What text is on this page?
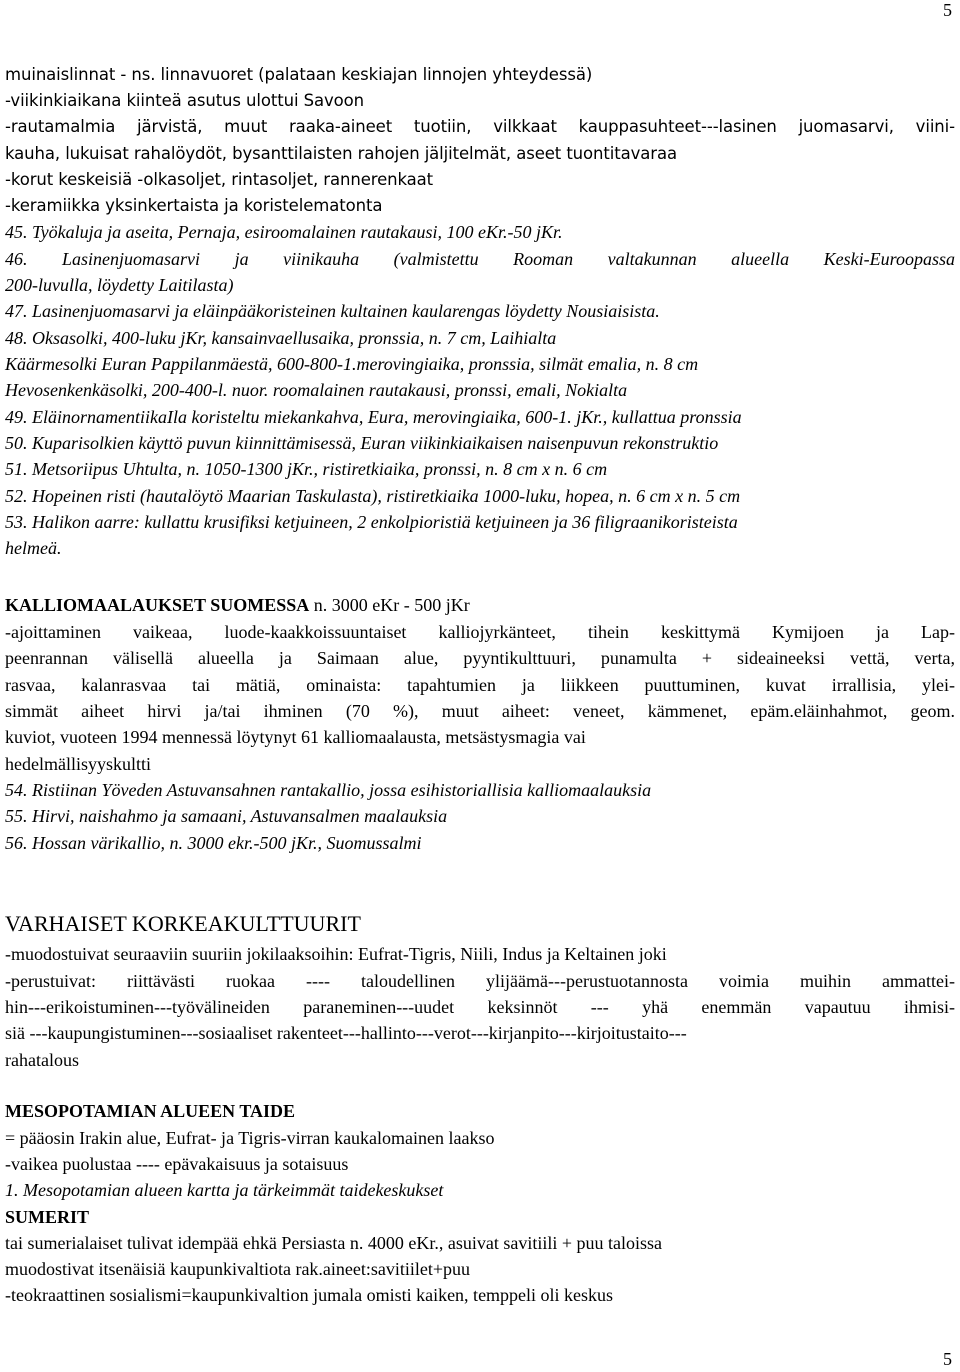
5
muinaislinnat - ns. linnavuoret (palataan keskiajan linnojen yhteydessä)
-viikinkiaikana kiinteä asutus ulottui Savoon
-rautamalmia järvistä, muut raaka-aineet tuotiin, vilkkaat kauppasuhteet---lasinen juomasarvi, viini-
kauha, lukuisat rahalöydöt, bysanttilaisten rahojen jäljitelmät, aseet tuontitavaraa
-korut keskeisiä -olkasoljet, rintasoljet, rannerenkaat
-keramiikka yksinkertaista ja koristelematonta
45. Työkaluja ja aseita, Pernaja, esiroomalainen rautakausi, 100 eKr.-50 jKr.
46. Lasinenjuomasarvi ja viinikauha (valmistettu Rooman valtakunnan alueella Keski-Euroopassa
200-luvulla, löydetty Laitilasta)
47. Lasinenjuomasarvi ja eläinpääkoristeinen kultainen kaularengas löydetty Nousiaisista.
48. Oksasolki, 400-luku jKr, kansainvaellusaika, pronssia, n. 7 cm, Laihialta
Käärmesolki Euran Pappilanmäestä, 600-800-1.merovingiaika, pronssia, silmät emalia, n. 8 cm
Hevosenkenkäsolki, 200-400-l. nuor. roomalainen rautakausi, pronssi, emali, Nokialta
49. EläinornamentiikaIla koristeltu miekankahva, Eura, merovingiaika, 600-1. jKr., kullattua pronssia
50. Kuparisolkien käyttö puvun kiinnittämisessä, Euran viikinkiaikaisen naisenpuvun rekonstruktio
51. Metsoriipus Uhtulta, n. 1050-1300 jKr., ristiretkiaika, pronssi, n. 8 cm x n. 6 cm
52. Hopeinen risti (hautalöytö Maarian Taskulasta), ristiretkiaika 1000-luku, hopea, n. 6 cm x n. 5 cm
53. Halikon aarre: kullattu krusifiksi ketjuineen, 2 enkolpioristiä ketjuineen ja 36 filigraanikoristeista
helmeä.
KALLIOMAALAUKSET SUOMESSA n. 3000 eKr - 500 jKr
-ajoittaminen vaikeaa, luode-kaakkoissuuntaiset kalliojyrkänteet, tihein keskittymä Kymijoen ja Lap-
peenrannan välisellä alueella ja Saimaan alue, pyyntikulttuuri, punamulta + sideaineeksi vettä, verta,
rasvaa, kalanrasvaa tai mätiä, ominaista: tapahtumien ja liikkeen puuttuminen, kuvat irrallisia, ylei-
simmät aiheet hirvi ja/tai ihminen (70 %), muut aiheet: veneet, kämmenet, epäm.eläinhahmot, geom.
kuviot, vuoteen 1994 mennessä löytynyt 61 kalliomaalausta, metsästysmagia vai
hedelmällisyyskultti
54. Ristiinan Yöveden Astuvansahnen rantakallio, jossa esihistoriallisia kalliomaalauksia
55. Hirvi, naishahmo ja samaani, Astuvansalmen maalauksia
56. Hossan värikallio, n. 3000 ekr.-500 jKr., Suomussalmi
VARHAISET KORKEAKULTTUURIT
-muodostuivat seuraaviin suuriin jokilaaksoihin: Eufrat-Tigris, Niili, Indus ja Keltainen joki
-perustuivat: riittävästi ruokaa ---- taloudellinen ylijäämä---perustuotannosta voimia muihin ammattei-
hin---erikoistuminen---työvälineiden paraneminen---uudet keksinnöt --- yhä enemmän vapautuu ihmisi-
siä ---kaupungistuminen---sosiaaliset rakenteet---hallinto---verot---kirjanpito---kirjoitustaito---
rahatalous
MESOPOTAMIAN ALUEEN TAIDE
= pääosin Irakin alue, Eufrat- ja Tigris-virran kaukalomainen laakso
-vaikea puolustaa ---- epävakaisuus ja sotaisuus
1. Mesopotamian alueen kartta ja tärkeimmät taidekeskukset
SUMERIT
tai sumerialaiset tulivat idempää ehkä Persiasta n. 4000 eKr., asuivat savitiili + puu taloissa
muodostivat itsenäisiä kaupunkivaltiota rak.aineet:savitiilet+puu
-teokraattinen sosialismi=kaupunkivaltion jumala omisti kaiken, temppeli oli keskus
5
